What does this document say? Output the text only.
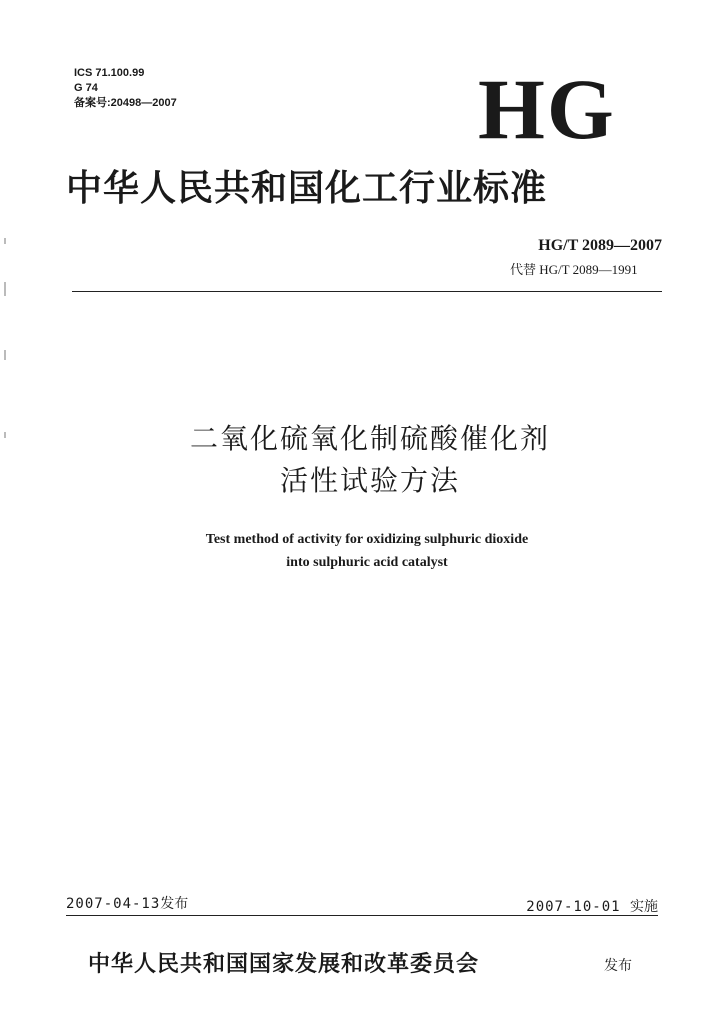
ICS 71.100.99
G 74
备案号:20498—2007	HG
中华人民共和国化工行业标准
HG/T 2089—2007
代替 HG/T 2089—1991
二氧化硫氧化制硫酸催化剂
活性试验方法
Test method of activity for oxidizing sulphuric dioxide
into sulphuric acid catalyst
2007-04-13发布	2007-10-01 实施
中华人民共和国国家发展和改革委员会	发布
